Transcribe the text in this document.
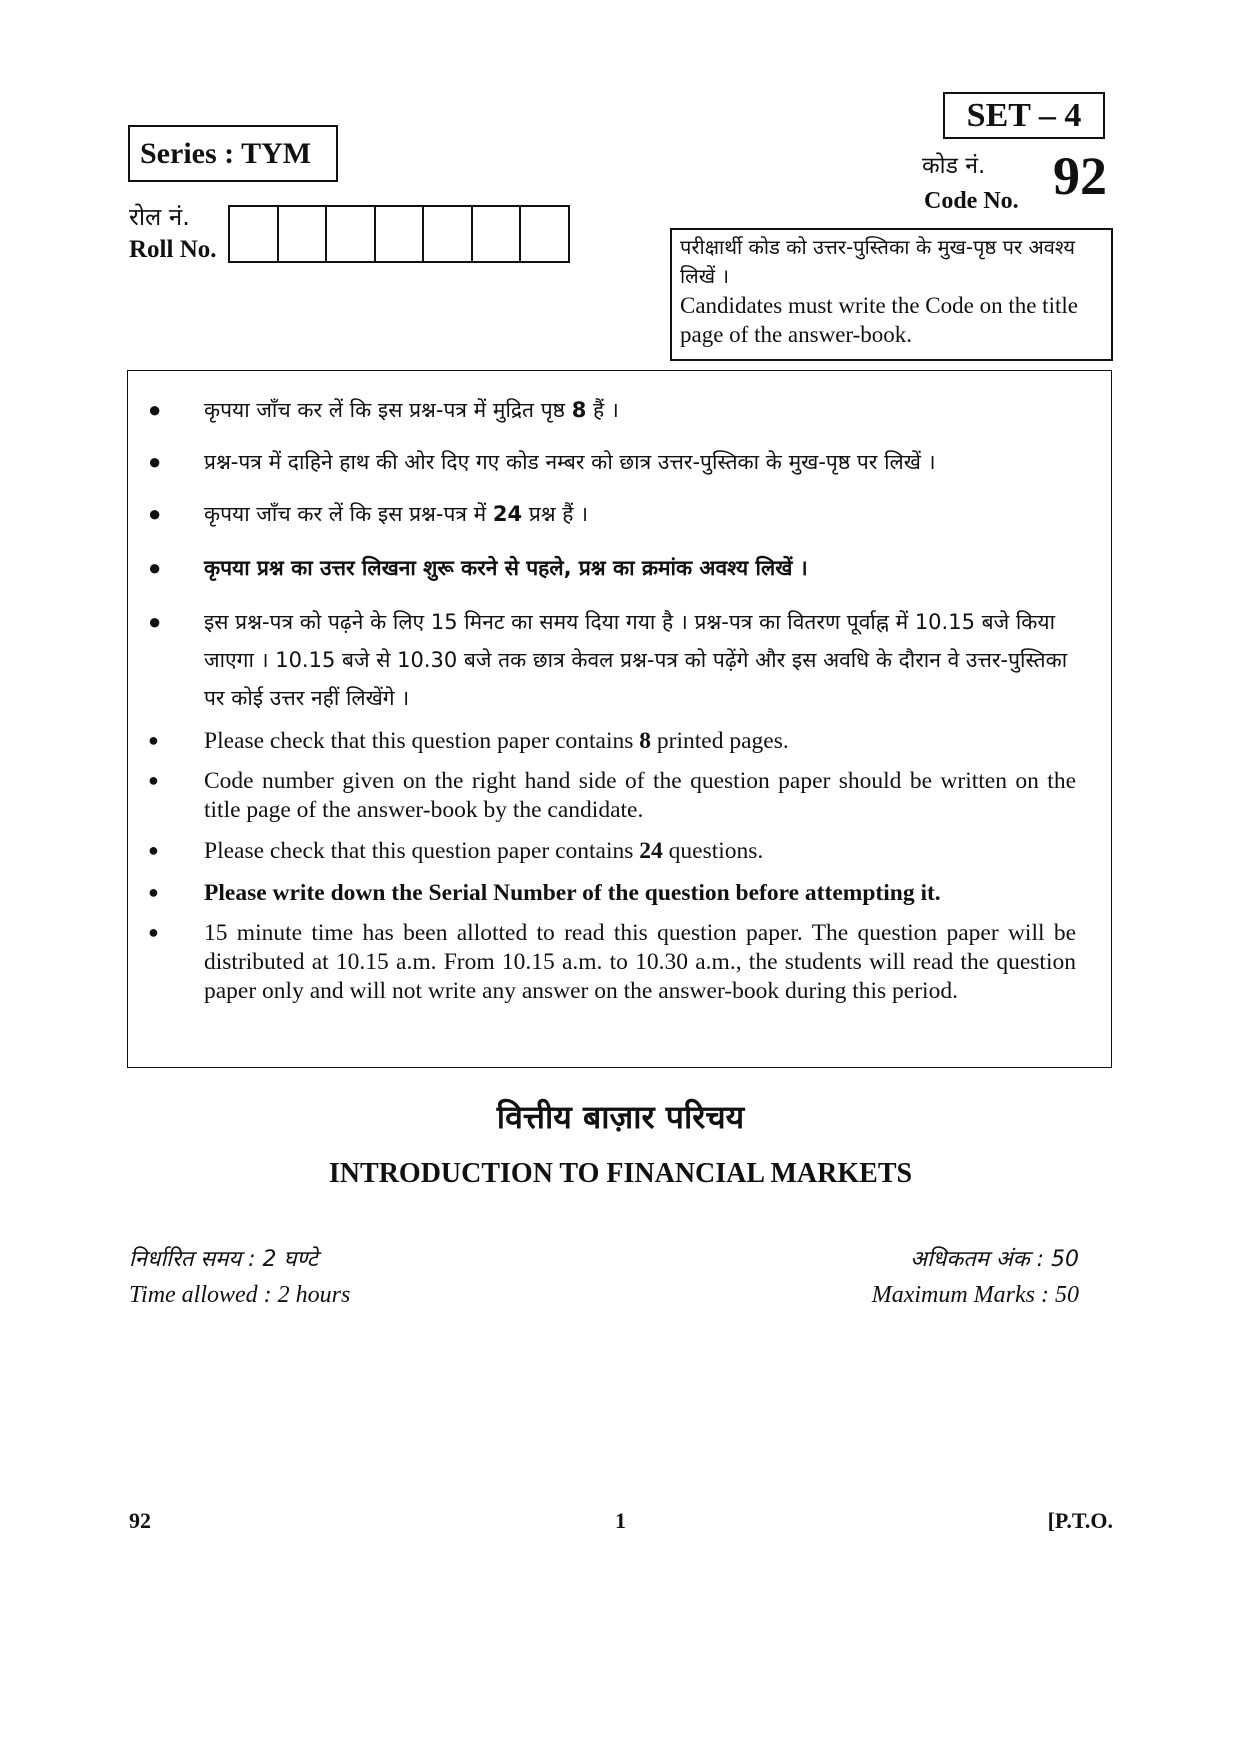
Series : TYM
रोल नं.
Roll No.
SET – 4
कोड नं.
Code No. 92
परीक्षार्थी कोड को उत्तर-पुस्तिका के मुख-पृष्ठ पर अवश्य लिखें ।
Candidates must write the Code on the title page of the answer-book.
● कृपया जाँच कर लें कि इस प्रश्न-पत्र में मुद्रित पृष्ठ 8 हैं ।
● प्रश्न-पत्र में दाहिने हाथ की ओर दिए गए कोड नम्बर को छात्र उत्तर-पुस्तिका के मुख-पृष्ठ पर लिखें ।
● कृपया जाँच कर लें कि इस प्रश्न-पत्र में 24 प्रश्न हैं ।
● कृपया प्रश्न का उत्तर लिखना शुरू करने से पहले, प्रश्न का क्रमांक अवश्य लिखें ।
● इस प्रश्न-पत्र को पढ़ने के लिए 15 मिनट का समय दिया गया है । प्रश्न-पत्र का वितरण पूर्वाह्न में 10.15 बजे किया जाएगा । 10.15 बजे से 10.30 बजे तक छात्र केवल प्रश्न-पत्र को पढ़ेंगे और इस अवधि के दौरान वे उत्तर-पुस्तिका पर कोई उत्तर नहीं लिखेंगे ।
● Please check that this question paper contains 8 printed pages.
● Code number given on the right hand side of the question paper should be written on the title page of the answer-book by the candidate.
● Please check that this question paper contains 24 questions.
● Please write down the Serial Number of the question before attempting it.
● 15 minute time has been allotted to read this question paper. The question paper will be distributed at 10.15 a.m. From 10.15 a.m. to 10.30 a.m., the students will read the question paper only and will not write any answer on the answer-book during this period.
वित्तीय बाज़ार परिचय
INTRODUCTION TO FINANCIAL MARKETS
निर्धारित समय : 2 घण्टे
Time allowed : 2 hours
अधिकतम अंक : 50
Maximum Marks : 50
92	1	[P.T.O.
